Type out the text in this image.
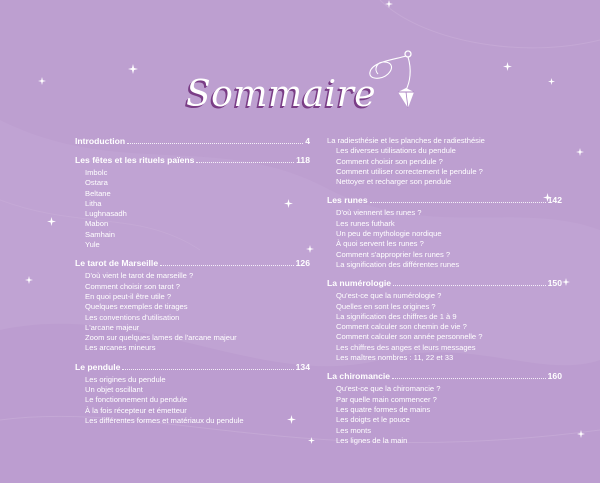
Sommaire
Introduction	4
Les fêtes et les rituels païens	118
Imbolc
Ostara
Beltane
Litha
Lughnasadh
Mabon
Samhain
Yule
Le tarot de Marseille	126
D'où vient le tarot de marseille ?
Comment choisir son tarot ?
En quoi peut-il être utile ?
Quelques exemples de tirages
Les conventions d'utilisation
L'arcane majeur
Zoom sur quelques lames de l'arcane majeur
Les arcanes mineurs
Le pendule	134
Les origines du pendule
Un objet oscillant
Le fonctionnement du pendule
À la fois récepteur et émetteur
Les différentes formes et matériaux du pendule
La radiesthésie et les planches de radiesthésie
Les diverses utilisations du pendule
Comment choisir son pendule ?
Comment utiliser correctement le pendule ?
Nettoyer et recharger son pendule
Les runes	142
D'où viennent les runes ?
Les runes futhark
Un peu de mythologie nordique
À quoi servent les runes ?
Comment s'approprier les runes ?
La signification des différentes runes
La numérologie	150
Qu'est-ce que la numérologie ?
Quelles en sont les origines ?
La signification des chiffres de 1 à 9
Comment calculer son chemin de vie ?
Comment calculer son année personnelle ?
Les chiffres des anges et leurs messages
Les maîtres nombres : 11, 22 et 33
La chiromancie	160
Qu'est-ce que la chiromancie ?
Par quelle main commencer ?
Les quatre formes de mains
Les doigts et le pouce
Les monts
Les lignes de la main
